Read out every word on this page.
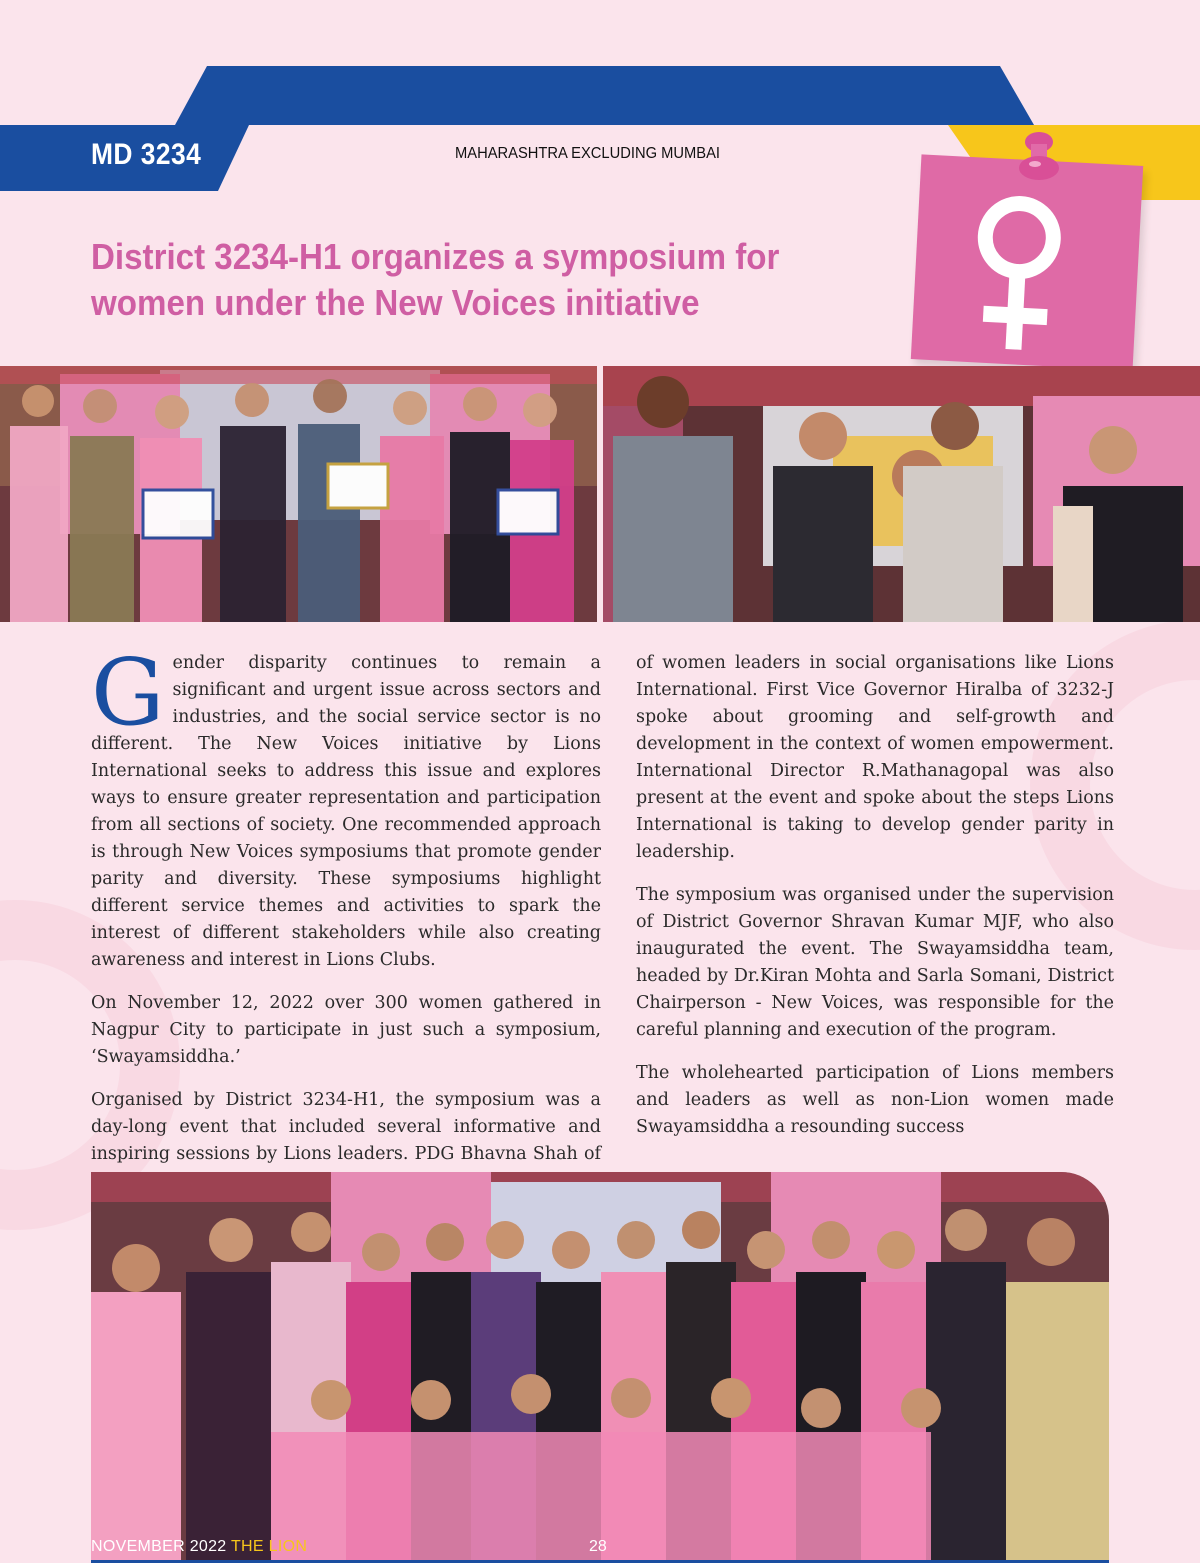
MD 3234	MAHARASHTRA EXCLUDING MUMBAI
District 3234-H1 organizes a symposium for women under the New Voices initiative

Gender disparity continues to remain a significant and urgent issue across sectors and industries, and the social service sector is no different. The New Voices initiative by Lions International seeks to address this issue and explores ways to ensure greater representation and participation from all sections of society. One recommended approach is through New Voices symposiums that promote gender parity and diversity. These symposiums highlight different service themes and activities to spark the interest of different stakeholders while also creating awareness and interest in Lions Clubs.

On November 12, 2022 over 300 women gathered in Nagpur City to participate in just such a symposium, ‘Swayamsiddha.’

Organised by District 3234-H1, the symposium was a day-long event that included several informative and inspiring sessions by Lions leaders. PDG Bhavna Shah of

of women leaders in social organisations like Lions International. First Vice Governor Hiralba of 3232-J spoke about grooming and self-growth and development in the context of women empowerment. International Director R.Mathanagopal was also present at the event and spoke about the steps Lions International is taking to develop gender parity in leadership.

The symposium was organised under the supervision of District Governor Shravan Kumar MJF, who also inaugurated the event. The Swayamsiddha team, headed by Dr.Kiran Mohta and Sarla Somani, District Chairperson - New Voices, was responsible for the careful planning and execution of the program.

The wholehearted participation of Lions members and leaders as well as non-Lion women made Swayamsiddha a resounding success

NOVEMBER 2022 THE LION	28
